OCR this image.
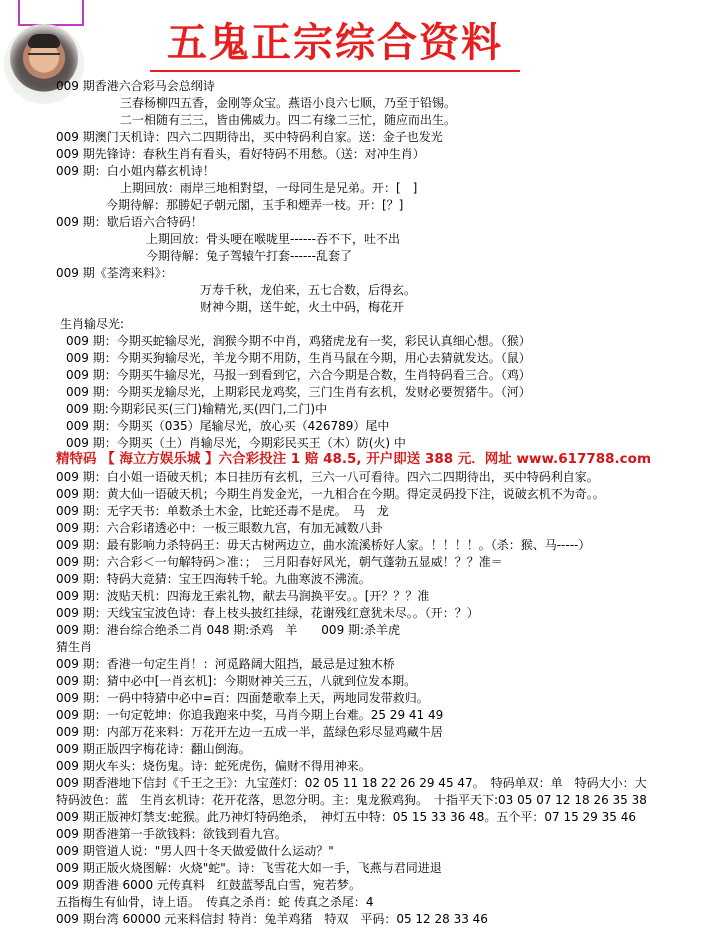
五鬼正宗综合资料
009 期香港六合彩马会总纲诗
三春杨柳四五香，金刚等众宝。燕语小良六七顺，乃至于铅锡。
二一相随有三三，皆由佛威力。四二有缘二三忙，随应而出生。
009 期澳门天机诗：四六二四期待出，买中特码利自家。送：金子也发光
009 期先锋诗：春秋生肖有看头，看好特码不用愁。（送：对冲生肖）
009 期：白小姐内幕玄机诗！
上期回放：雨岸三地相對望，一母同生是兄弟。开：[　]
今期待解：那勝妃子朝元閣，玉手和煙弄一枝。开：[？]
009 期：歇后语六合特码！
上期回放：骨头哽在喉咙里------吞不下，吐不出
今期待解：兔子驾辕午打套------乱套了
009 期《荃湾来料》：
万寿千秋，龙伯来，五七合数，后得玄。
财神今期，送牛蛇，火土中码，梅花开
生肖输尽光:
009 期：今期买蛇输尽光，润猴今期不中肖，鸡猪虎龙有一奖，彩民认真细心想。（猴）
009 期：今期买狗输尽光，羊龙今期不用防，生肖马鼠在今期，用心去猜就发达。（鼠）
009 期：今期买牛输尽光，马报一到看到它，六合今期是合数，生肖特码看三合。（鸡）
009 期：今期买龙输尽光，上期彩民龙鸡奖，三门生肖有玄机，发财必要贺猪牛。（河）
009 期:今期彩民买(三门)输精光,买(四门,二门)中
009 期：今期买（035）尾输尽光，放心买（426789）尾中
009 期：今期买（土）肖输尽光，今期彩民买王（木）防(火) 中
精特码 【 海立方娱乐城 】六合彩投注 1 赔 48.5, 开户即送 388 元．网址 www.617788.com
009 期：白小姐一语破天机；本日挂历有玄机，三六一八可看待。四六二四期待出，买中特码利自家。
009 期：黄大仙一语破天机；今期生肖发金光，一九相合在今期。得定灵码投下注，说破玄机不为奇。。
009 期：无字天书：单数杀土木金，比蛇还毒不是虎。　马　龙
009 期：六合彩诸透必中：一板三眼数九宫，有加无减数八卦
009 期：最有影响力杀特码王：毋天古树两边立，曲水流溪桥好人家。！！！！。（杀：猴、马-----）
009 期：六合彩＜一句解特码＞准：；　三月阳春好风光，朝气蓬勃五显威！？？准＝
009 期：特码大竞猜：宝王四海转千轮。九曲寒波不沸流。
009 期：波贴天机：四海龙王索礼物，献去马润换平安。。[开？？？准
009 期：天线宝宝波色诗：春上枝头披红挂绿，花谢残红意犹未尽。。（开：？）
009 期：港台综合绝杀二肖 048 期:杀鸡　羊　　009 期:杀羊虎
猜生肖
009 期：香港一句定生肖！：河觅路阔大阻挡，最忌是过独木桥
009 期：猜中必中[一肖玄机]：今期财神关三五，八就到位发本期。
009 期：一码中特猜中必中=百：四面楚歌奉上天，两地同发带救归。
009 期：一句定乾坤：你追我跑来中奖，马肖今期上台难。25 29 41 49
009 期：内部万花来料：万花开左边一五成一半，蓝绿色彩尽显鸡藏牛居
009 期正版四字梅花诗：翻山倒海。
009 期火车头：烧伤鬼。诗：蛇死虎伤，偏财不得用神来。
009 期香港地下信封《千王之王》：九宝莲灯：02 05 11 18 22 26 29 45 47。　特码单双：单　特码大小：大
特码波色：蓝　生肖玄机诗：花开花落，思忽分明。主：鬼龙猴鸡狗。　十指平天下:03 05 07 12 18 26 35 38
009 期正版神灯禁支:蛇猴。此乃神灯特码绝杀，　神灯五中特：05 15 33 36 48。五个平：07 15 29 35 46
009 期香港第一手欲钱料：欲钱到看九宫。
009 期管道人说："男人四十冬天做爱做什么运动？"
009 期正版火烧图解：火烧"蛇"。诗：飞雪花大如一手，飞燕与君同进退
009 期香港 6000 元传真料　红鼓蓝琴乱白雪，宛若梦。
五指梅生有仙骨，诗上语。　传真之杀肖：蛇 传真之杀尾：4
009 期台湾 60000 元来料信封 特肖：兔羊鸡猪　特双　平码：05 12 28 33 46
